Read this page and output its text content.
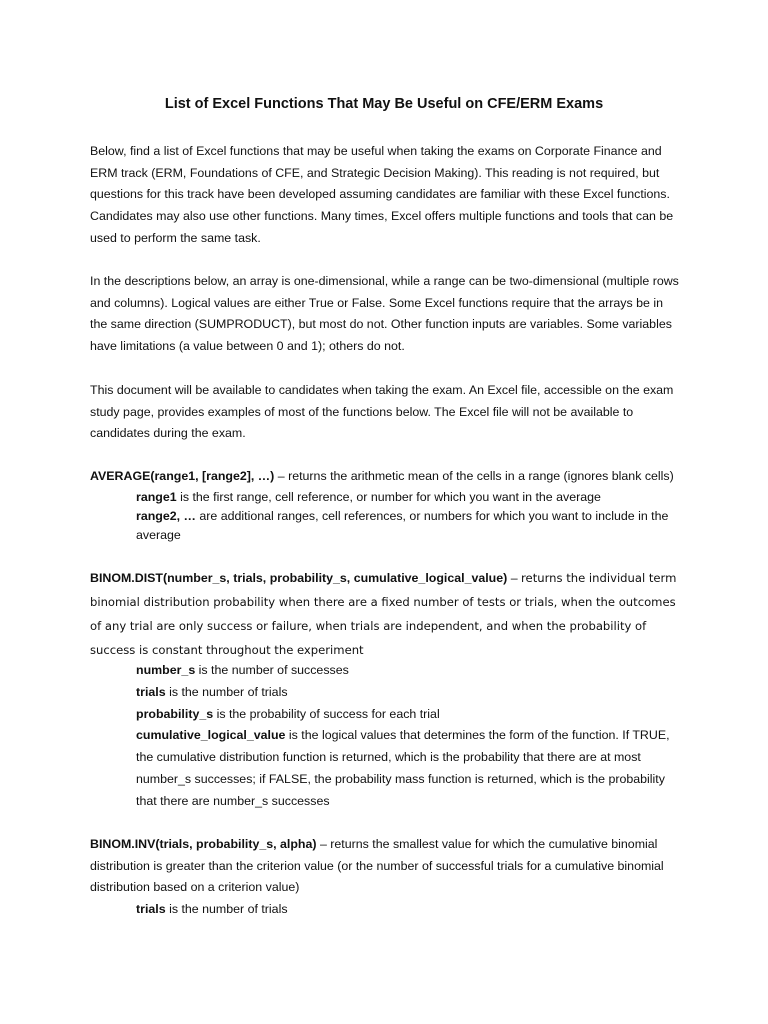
List of Excel Functions That May Be Useful on CFE/ERM Exams

Below, find a list of Excel functions that may be useful when taking the exams on Corporate Finance and ERM track (ERM, Foundations of CFE, and Strategic Decision Making). This reading is not required, but questions for this track have been developed assuming candidates are familiar with these Excel functions. Candidates may also use other functions. Many times, Excel offers multiple functions and tools that can be used to perform the same task.

In the descriptions below, an array is one-dimensional, while a range can be two-dimensional (multiple rows and columns). Logical values are either True or False. Some Excel functions require that the arrays be in the same direction (SUMPRODUCT), but most do not. Other function inputs are variables. Some variables have limitations (a value between 0 and 1); others do not.

This document will be available to candidates when taking the exam. An Excel file, accessible on the exam study page, provides examples of most of the functions below. The Excel file will not be available to candidates during the exam.

AVERAGE(range1, [range2], …) – returns the arithmetic mean of the cells in a range (ignores blank cells)

range1 is the first range, cell reference, or number for which you want in the average
range2, … are additional ranges, cell references, or numbers for which you want to include in the average

BINOM.DIST(number_s, trials, probability_s, cumulative_logical_value) – returns the individual term binomial distribution probability when there are a fixed number of tests or trials, when the outcomes of any trial are only success or failure, when trials are independent, and when the probability of success is constant throughout the experiment

number_s is the number of successes
trials is the number of trials
probability_s is the probability of success for each trial
cumulative_logical_value is the logical values that determines the form of the function. If TRUE, the cumulative distribution function is returned, which is the probability that there are at most number_s successes; if FALSE, the probability mass function is returned, which is the probability that there are number_s successes

BINOM.INV(trials, probability_s, alpha) – returns the smallest value for which the cumulative binomial distribution is greater than the criterion value (or the number of successful trials for a cumulative binomial distribution based on a criterion value)

trials is the number of trials
